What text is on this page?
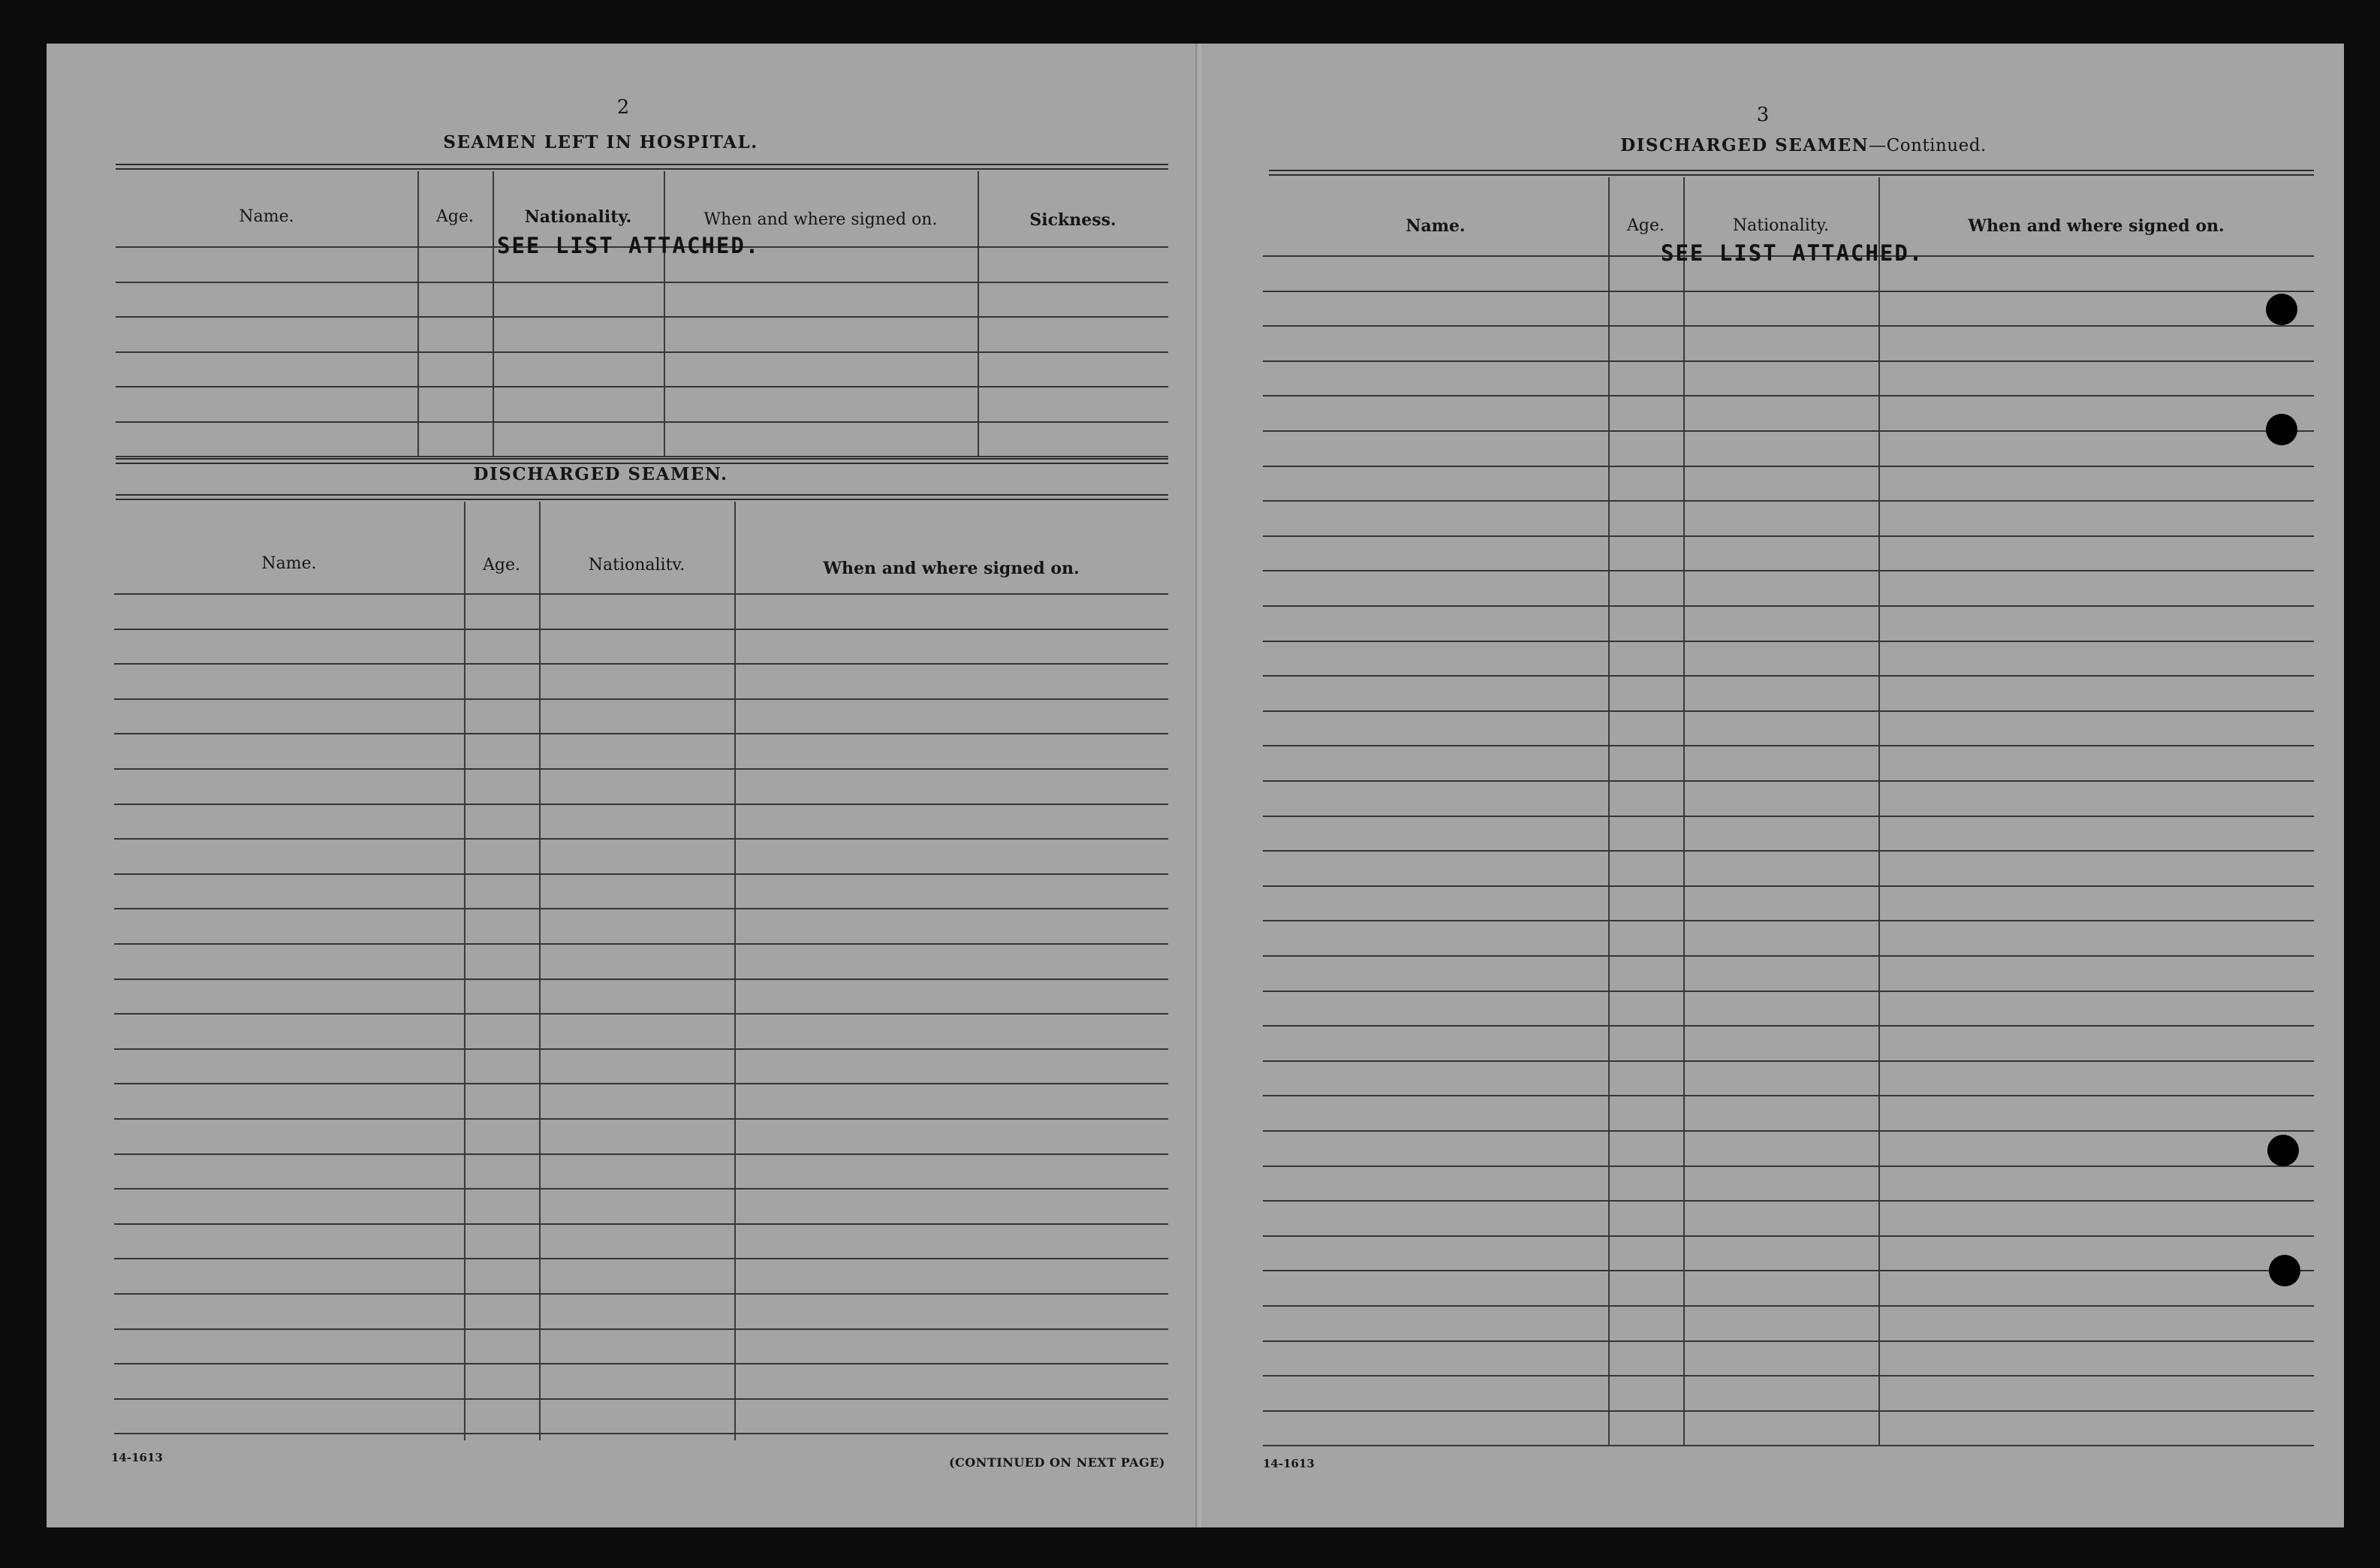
2
SEAMEN LEFT IN HOSPITAL.
Name.	Age.	Nationality.	When and where signed on.	Sickness.
SEE LIST ATTACHED.
DISCHARGED SEAMEN.
Name.	Age.	Nationalitv.	When and where signed on.
14-1613	(CONTINUED ON NEXT PAGE)
3
DISCHARGED SEAMEN—Continued.
Name.	Age.	Nationality.	When and where signed on.
SEE LIST ATTACHED.
14-1613
